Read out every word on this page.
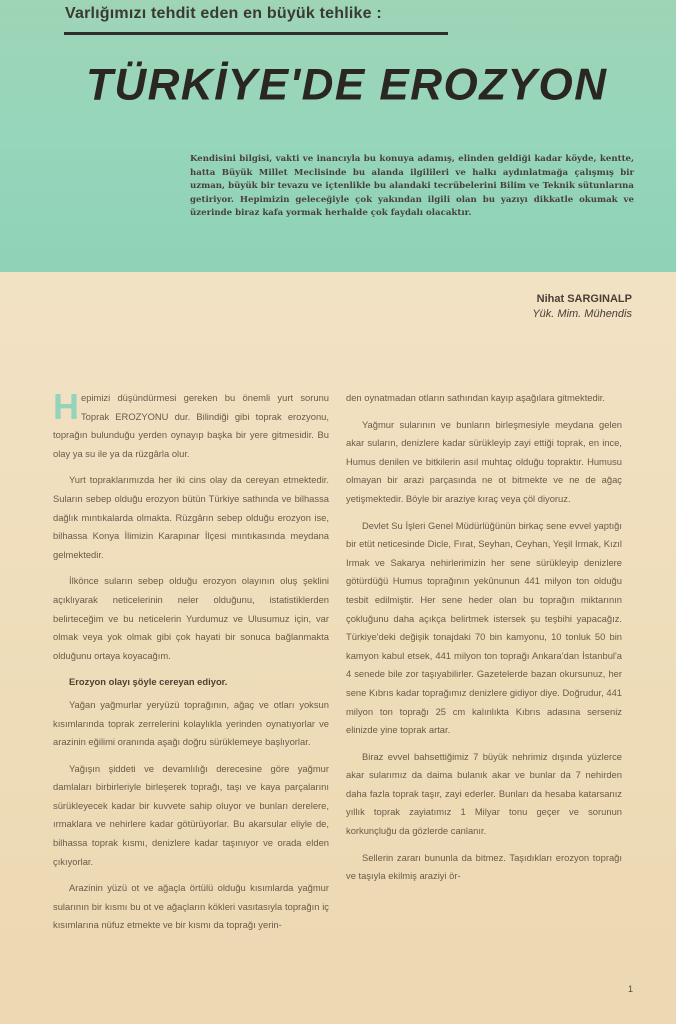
Varlığımızı tehdit eden en büyük tehlike :
TÜRKİYE'DE EROZYON
Kendisini bilgisi, vakti ve inancıyla bu konuya adamış, elinden geldiği kadar köyde, kentte, hatta Büyük Millet Meclisinde bu alanda ilgilileri ve halkı aydınlatmağa çalışmış bir uzman, büyük bir tevazu ve içtenlikle bu alandaki tecrübelerini Bilim ve Teknik sütunlarına getiriyor. Hepimizin geleceğiyle çok yakından ilgili olan bu yazıyı dikkatle okumak ve üzerinde biraz kafa yormak herhalde çok faydalı olacaktır.
Nihat SARGINALP
Yük. Mim. Mühendis

Hepimizi düşündürmesi gereken bu önemli yurt sorunu Toprak EROZYONU dur. Bilindiği gibi toprak erozyonu, toprağın bulunduğu yerden oynayıp başka bir yere gitmesidir. Bu olay ya su ile ya da rüzgârla olur.

Yurt topraklarımızda her iki cins olay da cereyan etmektedir. Suların sebep olduğu erozyon bütün Türkiye sathında ve bilhassa dağlık mıntıkalarda olmakta. Rüzgârın sebep olduğu erozyon ise, bilhassa Konya İlimizin Karapınar İlçesi mıntıkasında meydana gelmektedir.

İlkönce suların sebep olduğu erozyon olayının oluş şeklini açıklıyarak neticelerinin neler olduğunu, istatistiklerden belirteceğim ve bu neticelerin Yurdumuz ve Ulusumuz için, var olmak veya yok olmak gibi çok hayati bir sonuca bağlanmakta olduğunu ortaya koyacağım.

Erozyon olayı şöyle cereyan ediyor.

Yağan yağmurlar yeryüzü toprağının, ağaç ve otları yoksun kısımlarında toprak zerrelerini kolaylıkla yerinden oynatıyorlar ve arazinin eğilimi oranında aşağı doğru sürüklemeye başlıyorlar.

Yağışın şiddeti ve devamlılığı derecesine göre yağmur damlaları birbirleriyle birleşerek toprağı, taşı ve kaya parçalarını sürükleyecek kadar bir kuvvete sahip oluyor ve bunları derelere, ırmaklara ve nehirlere kadar götürüyorlar. Bu akarsular eliyle de, bilhassa toprak kısmı, denizlere kadar taşınıyor ve orada elden çıkıyorlar.

Arazinin yüzü ot ve ağaçla örtülü olduğu kısımlarda yağmur sularının bir kısmı bu ot ve ağaçların kökleri vasıtasıyla toprağın iç kısımlarına nüfuz etmekte ve bir kısmı da toprağı yerin-

den oynatmadan otların sathından kayıp aşağılara gitmektedir.

Yağmur sularının ve bunların birleşmesiyle meydana gelen akar suların, denizlere kadar sürükleyip zayi ettiği toprak, en ince, Humus denilen ve bitkilerin asıl muhtaç olduğu topraktır. Humusu olmayan bir arazi parçasında ne ot bitmekte ve ne de ağaç yetişmektedir. Böyle bir araziye kıraç veya çöl diyoruz.

Devlet Su İşleri Genel Müdürlüğünün birkaç sene evvel yaptığı bir etüt neticesinde Dicle, Fırat, Seyhan, Ceyhan, Yeşil Irmak, Kızıl Irmak ve Sakarya nehirlerimizin her sene sürükleyip denizlere götürdüğü Humus toprağının yekûnunun 441 milyon ton olduğu tesbit edilmiştir. Her sene heder olan bu toprağın miktarının çokluğunu daha açıkça belirtmek istersek şu teşbihi yapacağız. Türkiye'deki değişik tonajdaki 70 bin kamyonu, 10 tonluk 50 bin kamyon kabul etsek, 441 milyon ton toprağı Ankara'dan İstanbul'a 4 senede bile zor taşıyabilirler. Gazetelerde bazan okursunuz, her sene Kıbrıs kadar toprağımız denizlere gidiyor diye. Doğrudur, 441 milyon ton toprağı 25 cm kalınlıkta Kıbrıs adasına serseniz elinizde yine toprak artar.

Biraz evvel bahsettiğimiz 7 büyük nehrimiz dışında yüzlerce akar sularımız da daima bulanık akar ve bunlar da 7 nehirden daha fazla toprak taşır, zayi ederler. Bunları da hesaba katarsanız yıllık toprak zayiatımız 1 Milyar tonu geçer ve sorunun korkunçluğu da gözlerde canlanır.

Sellerin zararı bununla da bitmez. Taşıdıkları erozyon toprağı ve taşıyla ekilmiş araziyi ör-

1
